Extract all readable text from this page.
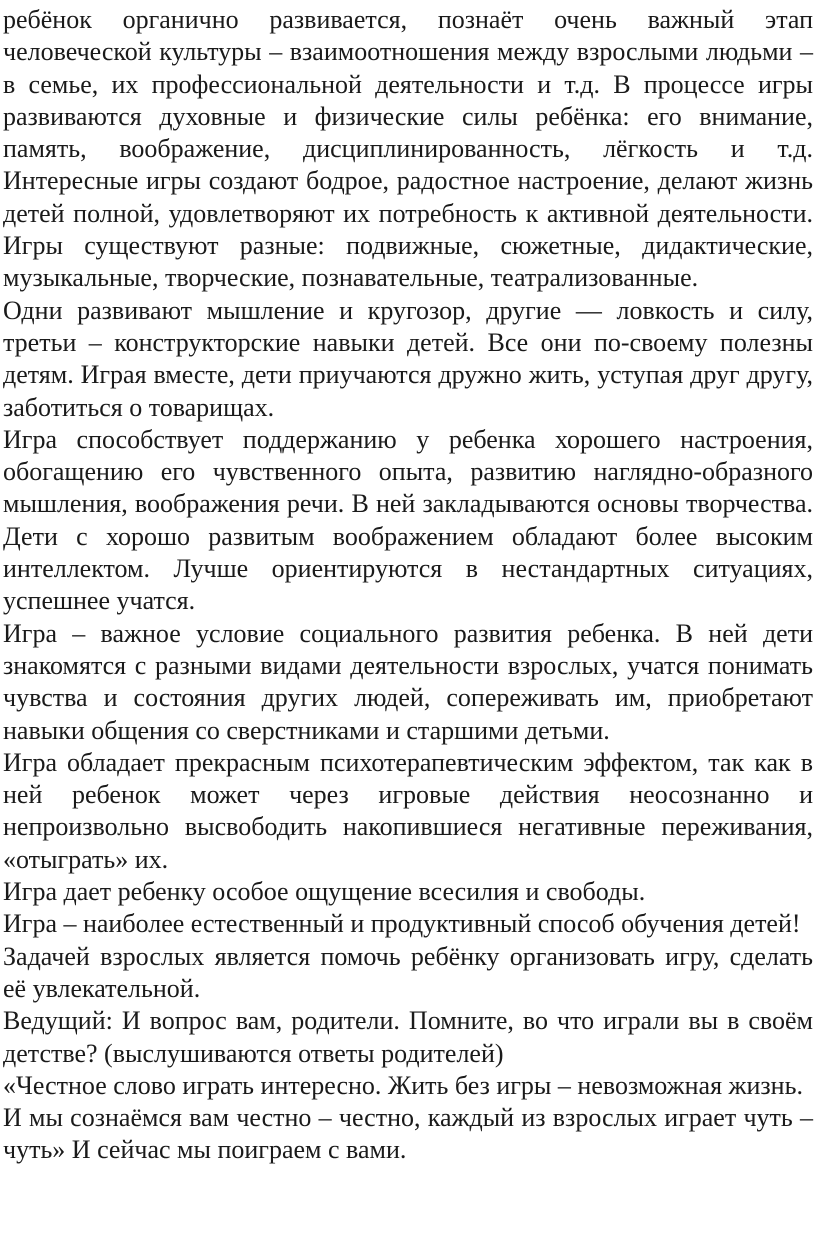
ребёнок органично развивается, познаёт очень важный этап человеческой культуры – взаимоотношения между взрослыми людьми – в семье, их профессиональной деятельности и т.д. В процессе игры развиваются духовные и физические силы ребёнка: его внимание, память, воображение, дисциплинированность, лёгкость и т.д. Интересные игры создают бодрое, радостное настроение, делают жизнь детей полной, удовлетворяют их потребность к активной деятельности. Игры существуют разные: подвижные, сюжетные, дидактические, музыкальные, творческие, познавательные, театрализованные.

Одни развивают мышление и кругозор, другие — ловкость и силу, третьи – конструкторские навыки детей. Все они по-своему полезны детям. Играя вместе, дети приучаются дружно жить, уступая друг другу, заботиться о товарищах.

Игра способствует поддержанию у ребенка хорошего настроения, обогащению его чувственного опыта, развитию наглядно-образного мышления, воображения речи. В ней закладываются основы творчества. Дети с хорошо развитым воображением обладают более высоким интеллектом. Лучше ориентируются в нестандартных ситуациях, успешнее учатся.

Игра – важное условие социального развития ребенка. В ней дети знакомятся с разными видами деятельности взрослых, учатся понимать чувства и состояния других людей, сопереживать им, приобретают навыки общения со сверстниками и старшими детьми.

Игра обладает прекрасным психотерапевтическим эффектом, так как в ней ребенок может через игровые действия неосознанно и непроизвольно высвободить накопившиеся негативные переживания, «отыграть» их.

Игра дает ребенку особое ощущение всесилия и свободы.

Игра – наиболее естественный и продуктивный способ обучения детей!

Задачей взрослых является помочь ребёнку организовать игру, сделать её увлекательной.

Ведущий: И вопрос вам, родители. Помните, во что играли вы в своём детстве? (выслушиваются ответы родителей)

«Честное слово играть интересно. Жить без игры – невозможная жизнь.

И мы сознаёмся вам честно – честно, каждый из взрослых играет чуть – чуть» И сейчас мы поиграем с вами.
